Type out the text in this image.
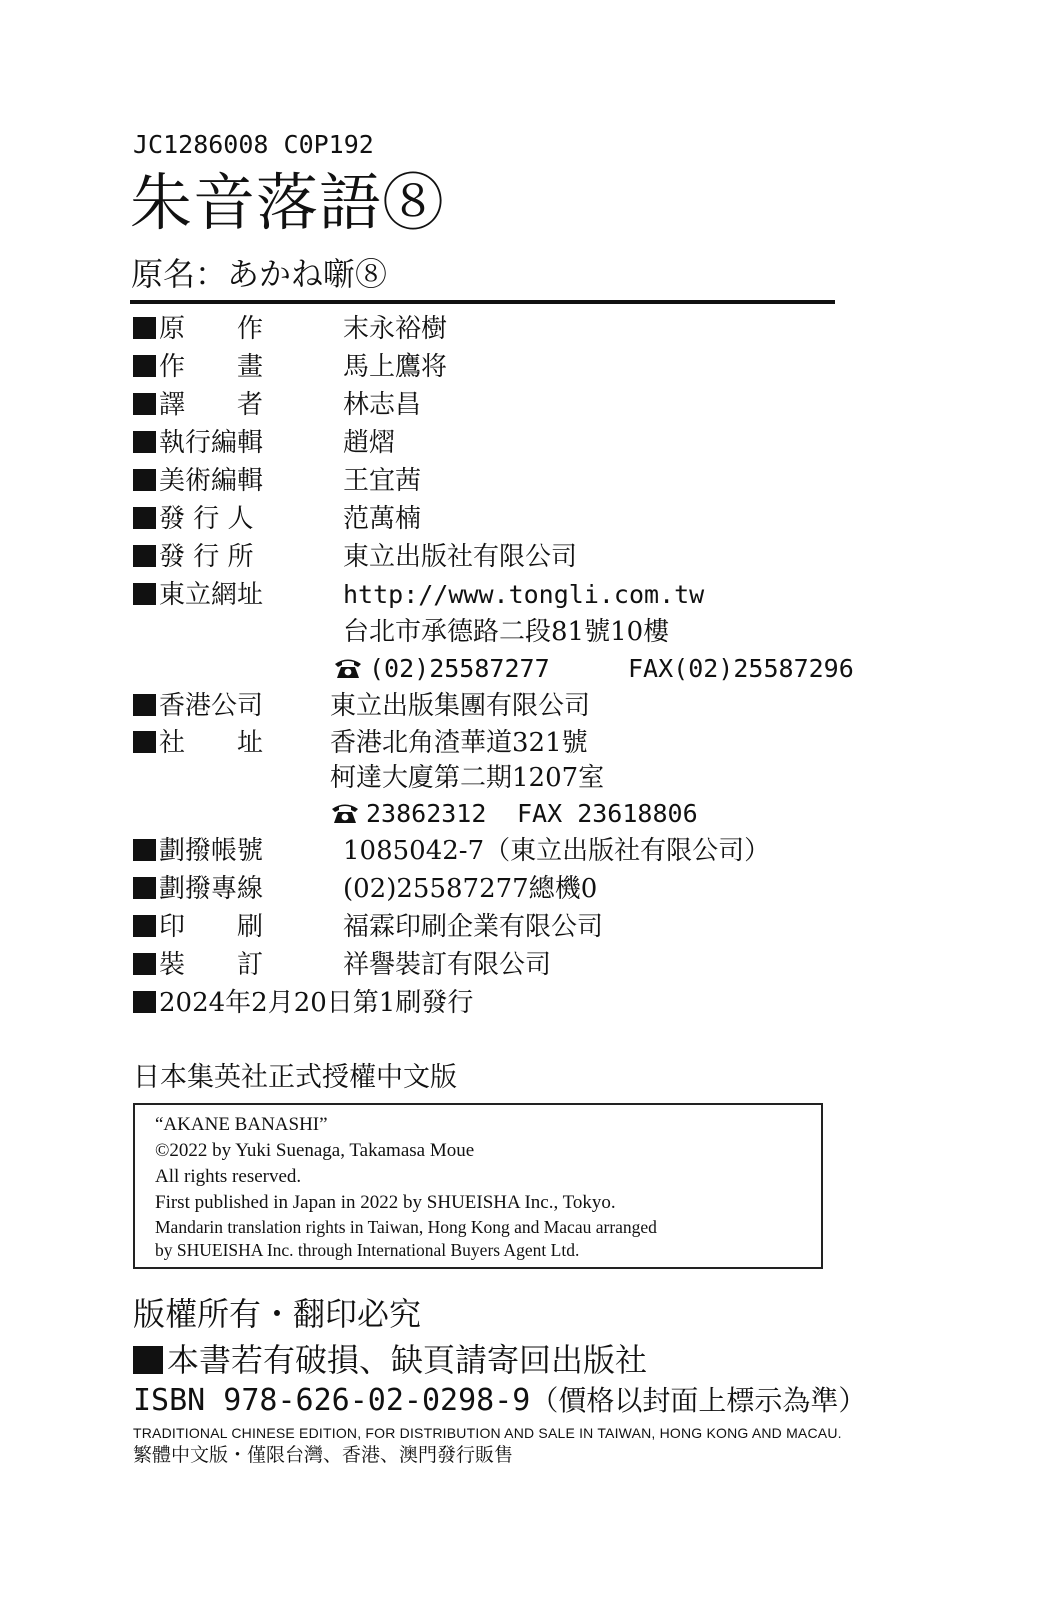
JC1286008 C0P192
朱音落語⑧
原名：あかね噺⑧
原　　作	末永裕樹
作　　畫	馬上鷹将
譯　　者	林志昌
執行編輯	趙熠
美術編輯	王宜茜
發 行 人	范萬楠
發 行 所	東立出版社有限公司
東立網址	http://www.tongli.com.tw
台北市承德路二段81號10樓
(02)25587277	FAX(02)25587296
香港公司	東立出版集團有限公司
社　　址	香港北角渣華道321號
柯達大廈第二期1207室
23862312 FAX 23618806
劃撥帳號	1085042-7（東立出版社有限公司）
劃撥專線	(02)25587277總機0
印　　刷	福霖印刷企業有限公司
裝　　訂	祥譽裝訂有限公司
2024年2月20日第1刷發行
日本集英社正式授權中文版
“AKANE BANASHI”
©2022 by Yuki Suenaga, Takamasa Moue
All rights reserved.
First published in Japan in 2022 by SHUEISHA Inc., Tokyo.
Mandarin translation rights in Taiwan, Hong Kong and Macau arranged
by SHUEISHA Inc. through International Buyers Agent Ltd.
版權所有・翻印必究
本書若有破損、缺頁請寄回出版社
ISBN 978-626-02-0298-9（價格以封面上標示為準）
TRADITIONAL CHINESE EDITION, FOR DISTRIBUTION AND SALE IN TAIWAN, HONG KONG AND MACAU.
繁體中文版・僅限台灣、香港、澳門發行販售
